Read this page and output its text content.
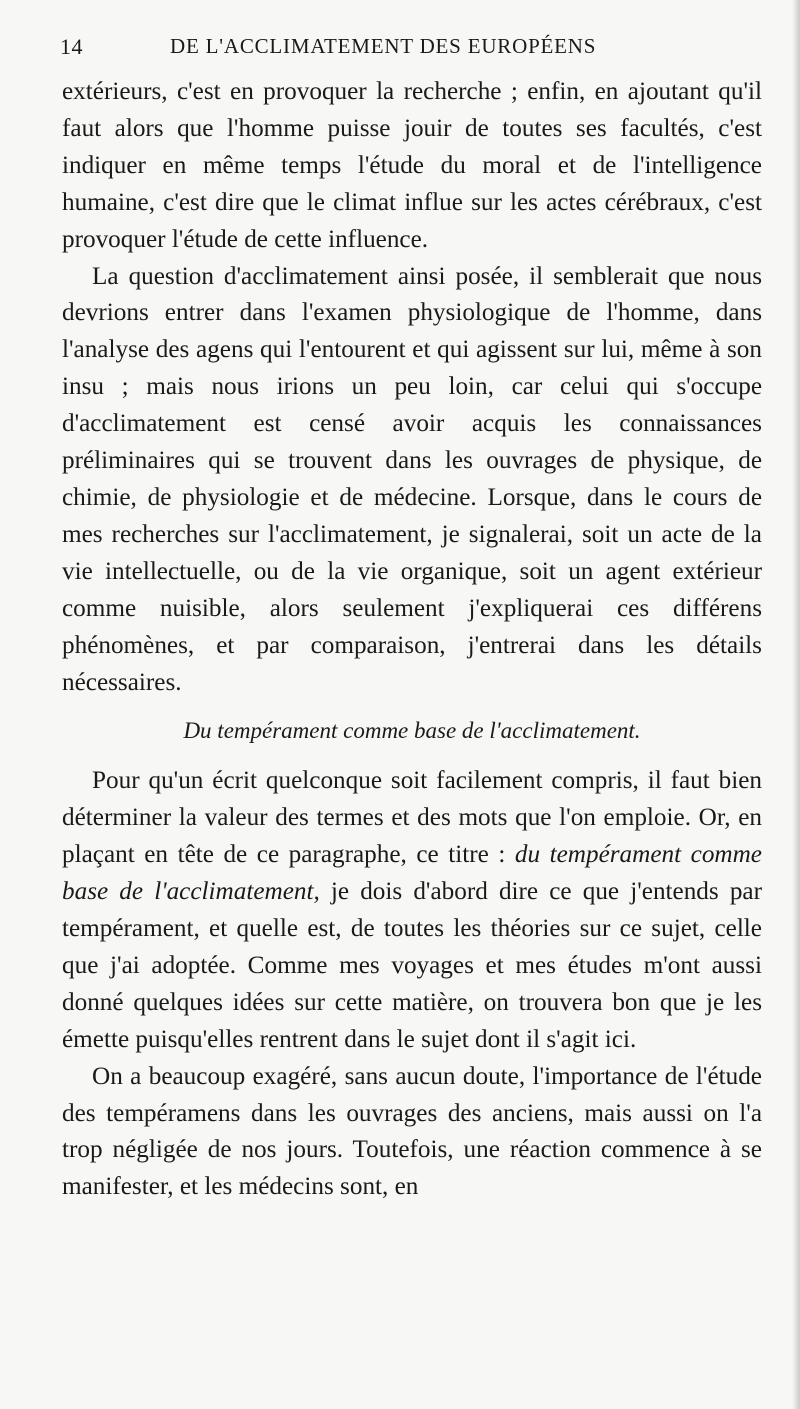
14	DE L'ACCLIMATEMENT DES EUROPÉENS

extérieurs, c'est en provoquer la recherche ; enfin, en ajoutant qu'il faut alors que l'homme puisse jouir de toutes ses facultés, c'est indiquer en même temps l'étude du moral et de l'intelligence humaine, c'est dire que le climat influe sur les actes cérébraux, c'est provoquer l'étude de cette influence.

La question d'acclimatement ainsi posée, il semblerait que nous devrions entrer dans l'examen physiologique de l'homme, dans l'analyse des agens qui l'entourent et qui agissent sur lui, même à son insu ; mais nous irions un peu loin, car celui qui s'occupe d'acclimatement est censé avoir acquis les connaissances préliminaires qui se trouvent dans les ouvrages de physique, de chimie, de physiologie et de médecine. Lorsque, dans le cours de mes recherches sur l'acclimatement, je signalerai, soit un acte de la vie intellectuelle, ou de la vie organique, soit un agent extérieur comme nuisible, alors seulement j'expliquerai ces différens phénomènes, et par comparaison, j'entrerai dans les détails nécessaires.

Du tempérament comme base de l'acclimatement.

Pour qu'un écrit quelconque soit facilement compris, il faut bien déterminer la valeur des termes et des mots que l'on emploie. Or, en plaçant en tête de ce paragraphe, ce titre : du tempérament comme base de l'acclimatement, je dois d'abord dire ce que j'entends par tempérament, et quelle est, de toutes les théories sur ce sujet, celle que j'ai adoptée. Comme mes voyages et mes études m'ont aussi donné quelques idées sur cette matière, on trouvera bon que je les émette puisqu'elles rentrent dans le sujet dont il s'agit ici.

On a beaucoup exagéré, sans aucun doute, l'importance de l'étude des tempéramens dans les ouvrages des anciens, mais aussi on l'a trop négligée de nos jours. Toutefois, une réaction commence à se manifester, et les médecins sont, en
